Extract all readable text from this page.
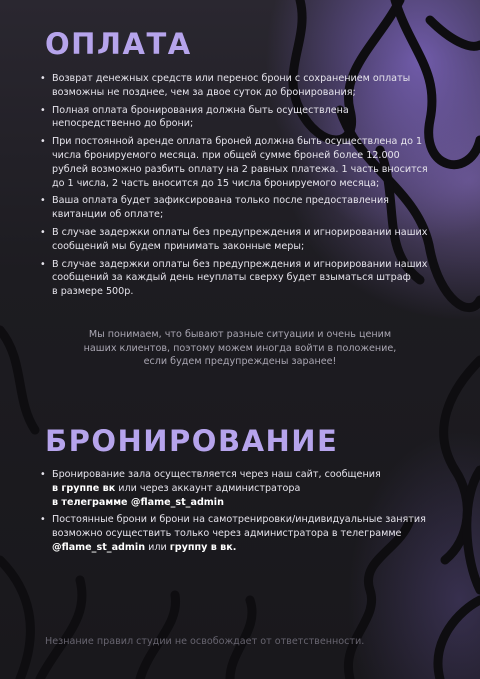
ОПЛАТА
• Возврат денежных средств или перенос брони с сохранением оплаты
возможны не позднее, чем за двое суток до бронирования;
• Полная оплата бронирования должна быть осуществлена
непосредственно до брони;
• При постоянной аренде оплата броней должна быть осуществлена до 1
числа бронируемого месяца. при общей сумме броней более 12.000
рублей возможно разбить оплату на 2 равных платежа. 1 часть вносится
до 1 числа, 2 часть вносится до 15 числа бронируемого месяца;
• Ваша оплата будет зафиксирована только после предоставления
квитанции об оплате;
• В случае задержки оплаты без предупреждения и игнорировании наших
сообщений мы будем принимать законные меры;
• В случае задержки оплаты без предупреждения и игнорировании наших
сообщений за каждый день неуплаты сверху будет взыматься штраф
в размере 500р.
Мы понимаем, что бывают разные ситуации и очень ценим
наших клиентов, поэтому можем иногда войти в положение,
если будем предупреждены заранее!
БРОНИРОВАНИЕ
• Бронирование зала осуществляется через наш сайт, сообщения
в группе вк или через аккаунт администратора
в телеграмме @flame_st_admin
• Постоянные брони и брони на самотренировки/индивидуальные занятия
возможно осуществить только через администратора в телеграмме
@flame_st_admin или группу в вк.

Незнание правил студии не освобождает от ответственности.
